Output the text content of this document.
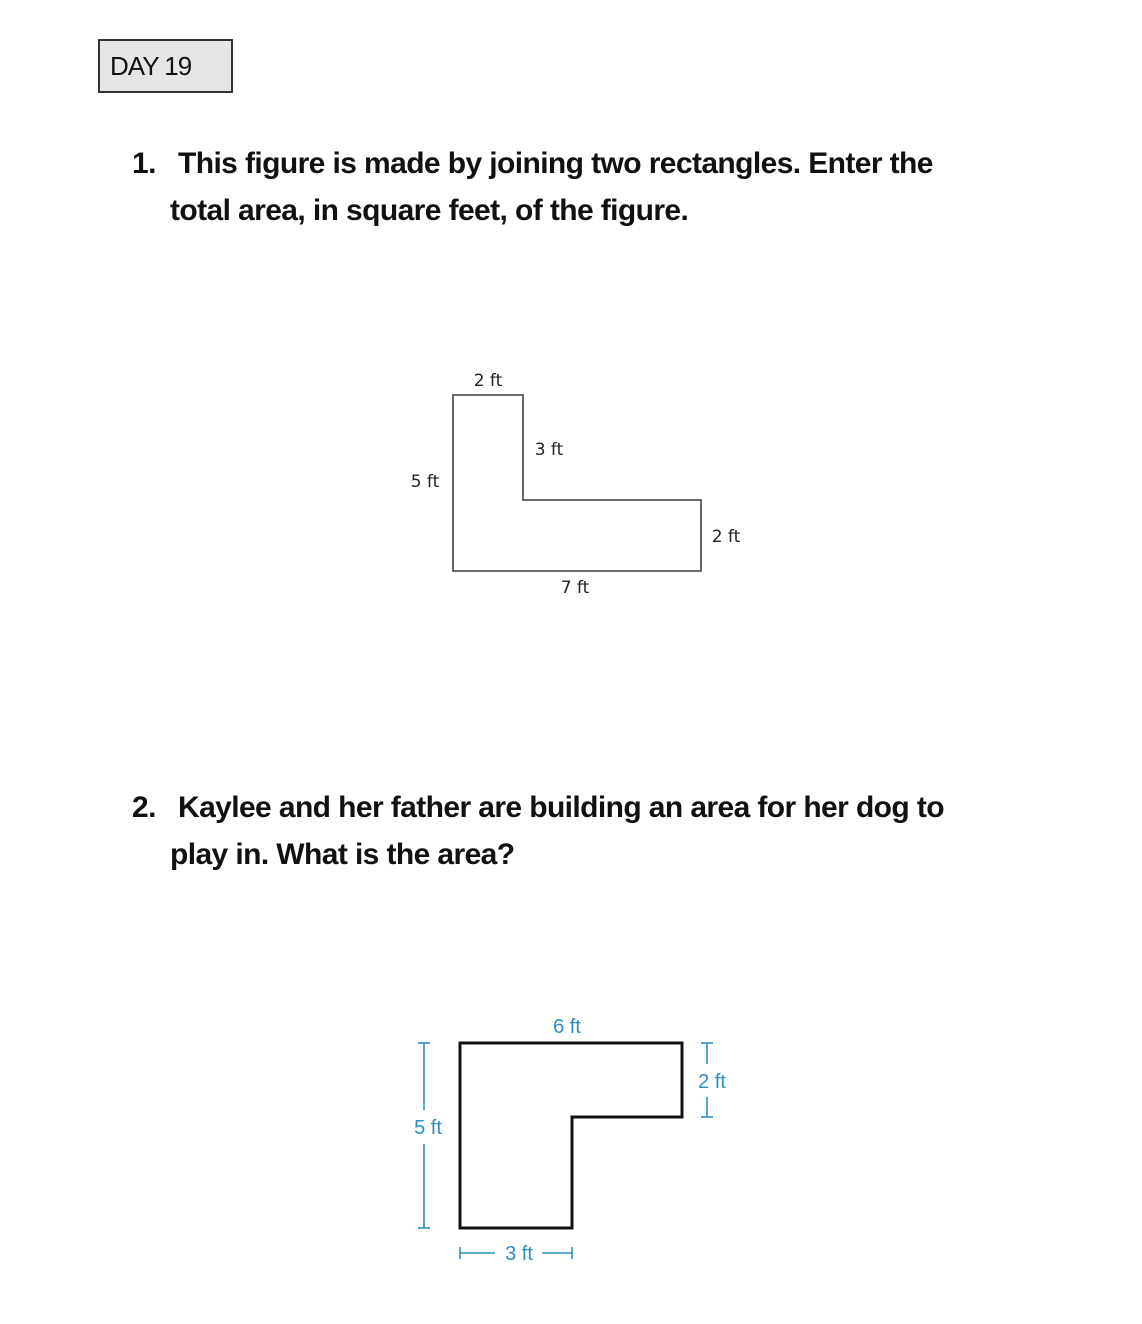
DAY 19
1. This figure is made by joining two rectangles. Enter the
total area, in square feet, of the figure.
2 ft
3 ft
5 ft
2 ft
7 ft
6 ft
2 ft
5 ft
3 ft
2. Kaylee and her father are building an area for her dog to
play in. What is the area?
